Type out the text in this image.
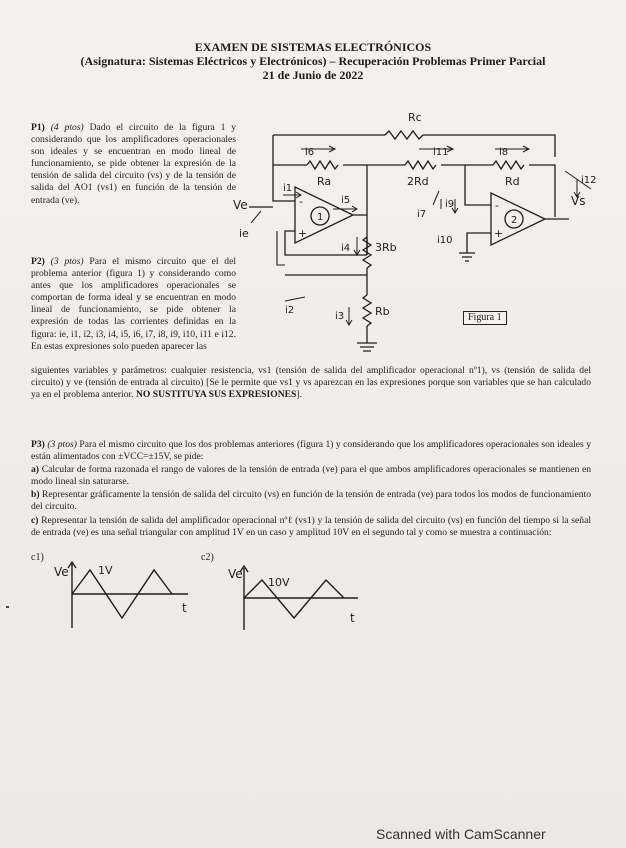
EXAMEN DE SISTEMAS ELECTRÓNICOS
(Asignatura: Sistemas Eléctricos y Electrónicos) – Recuperación Problemas Primer Parcial
21 de Junio de 2022
P1) (4 ptos) Dado el circuito de la figura 1 y considerando que los amplificadores operacionales son ideales y se encuentran en modo lineal de funcionamiento, se pide obtener la expresión de la tensión de salida del circuito (vs) y de la tensión de salida del AO1 (vs1) en función de la tensión de entrada (ve).
P2) (3 ptos) Para el mismo circuito que el del problema anterior (figura 1) y considerando como antes que los amplificadores operacionales se comportan de forma ideal y se encuentran en modo lineal de funcionamiento, se pide obtener la expresión de todas las corrientes definidas en la figura: ie, i1, i2, i3, i4, i5, i6, i7, i8, i9, i10, i11 e i12. En estas expresiones solo pueden aparecer las
siguientes variables y parámetros: cualquier resistencia, vs1 (tensión de salida del amplificador operacional nº1), vs (tensión de salida del circuito) y ve (tensión de entrada al circuito) [Se le permite que vs1 y vs aparezcan en las expresiones porque son variables que se han calculado ya en el problema anterior. NO SUSTITUYA SUS EXPRESIONES].

P3) (3 ptos) Para el mismo circuito que los dos problemas anteriores (figura 1) y considerando que los amplificadores operacionales son ideales y están alimentados con ±VCC=±15V, se pide:

a) Calcular de forma razonada el rango de valores de la tensión de entrada (ve) para el que ambos amplificadores operacionales se mantienen en modo lineal sin saturarse.

b) Representar gráficamente la tensión de salida del circuito (vs) en función de la tensión de entrada (ve) para todos los modos de funcionamiento del circuito.

c) Representar la tensión de salida del amplificador operacional nºℓ (vs1) y la tensión de salida del circuito (vs) en función del tiempo si la señal de entrada (ve) es una señal triangular con amplitud 1V en un caso y amplitud 10V en el segundo tal y como se muestra a continuación:

Rc
Ra	2Rd	Rd
3Rb
Rb
Ve	Vs
ie
i1
i2
i3
i4
i5
i6
i7
i8
i9
i10
i11
i12
1	2
-
+
-
+
Figura 1
c1)
Ve
t
1V
c2)
Ve
t
10V
Scanned with CamScanner
